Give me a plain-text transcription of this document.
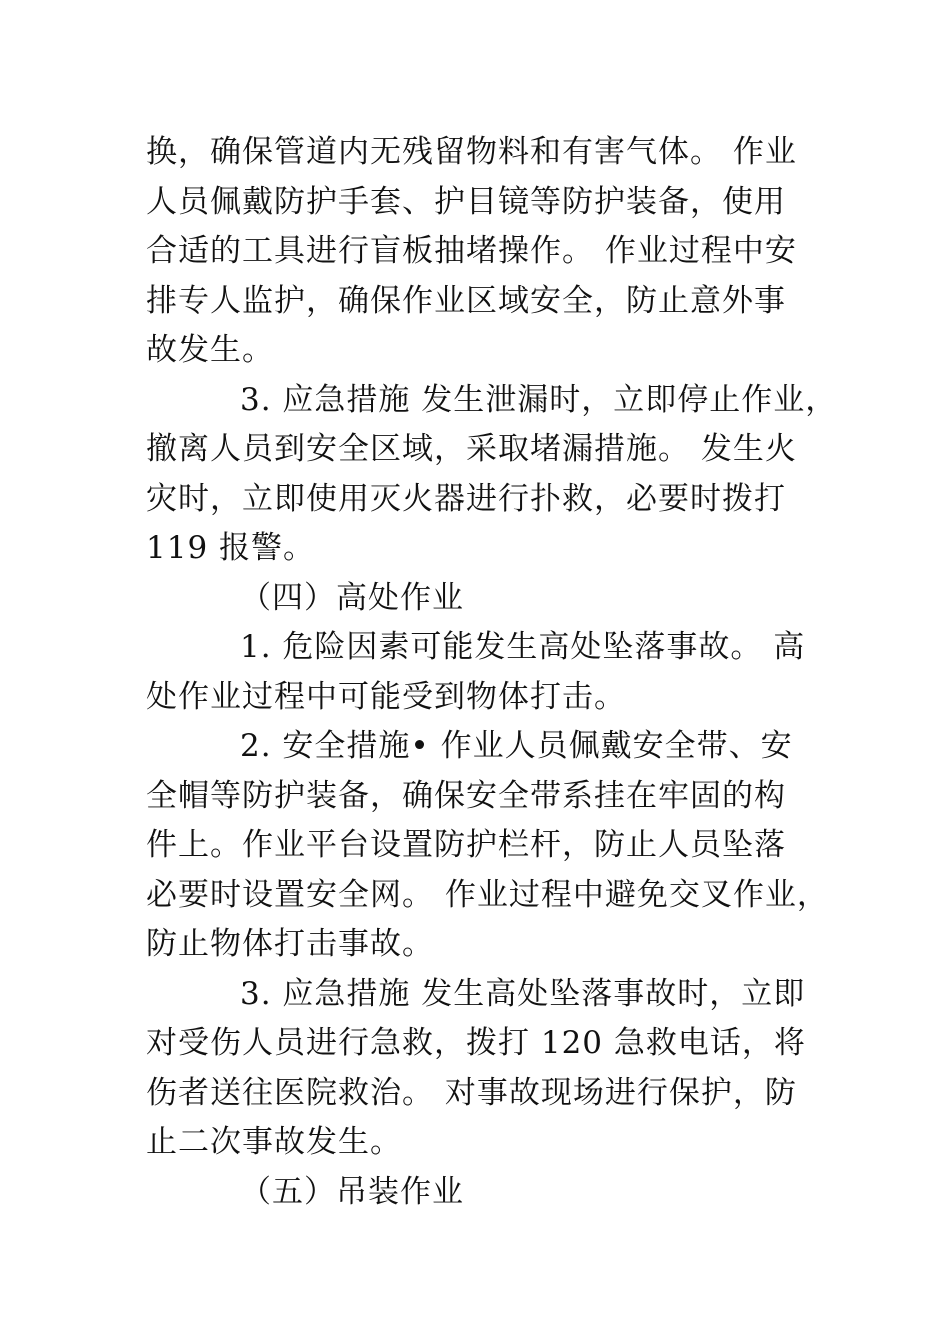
换，确保管道内无残留物料和有害气体。 作业
人员佩戴防护手套、护目镜等防护装备，使用
合适的工具进行盲板抽堵操作。 作业过程中安
排专人监护，确保作业区域安全，防止意外事
故发生。
3. 应急措施 发生泄漏时，立即停止作业，
撤离人员到安全区域，采取堵漏措施。 发生火
灾时，立即使用灭火器进行扑救，必要时拨打
119 报警。
（四）高处作业
1. 危险因素可能发生高处坠落事故。 高
处作业过程中可能受到物体打击。
2. 安全措施• 作业人员佩戴安全带、安
全帽等防护装备，确保安全带系挂在牢固的构
件上。作业平台设置防护栏杆，防止人员坠落
必要时设置安全网。 作业过程中避免交叉作业，
防止物体打击事故。
3. 应急措施 发生高处坠落事故时，立即
对受伤人员进行急救，拨打 120 急救电话，将
伤者送往医院救治。 对事故现场进行保护，防
止二次事故发生。
（五）吊装作业
